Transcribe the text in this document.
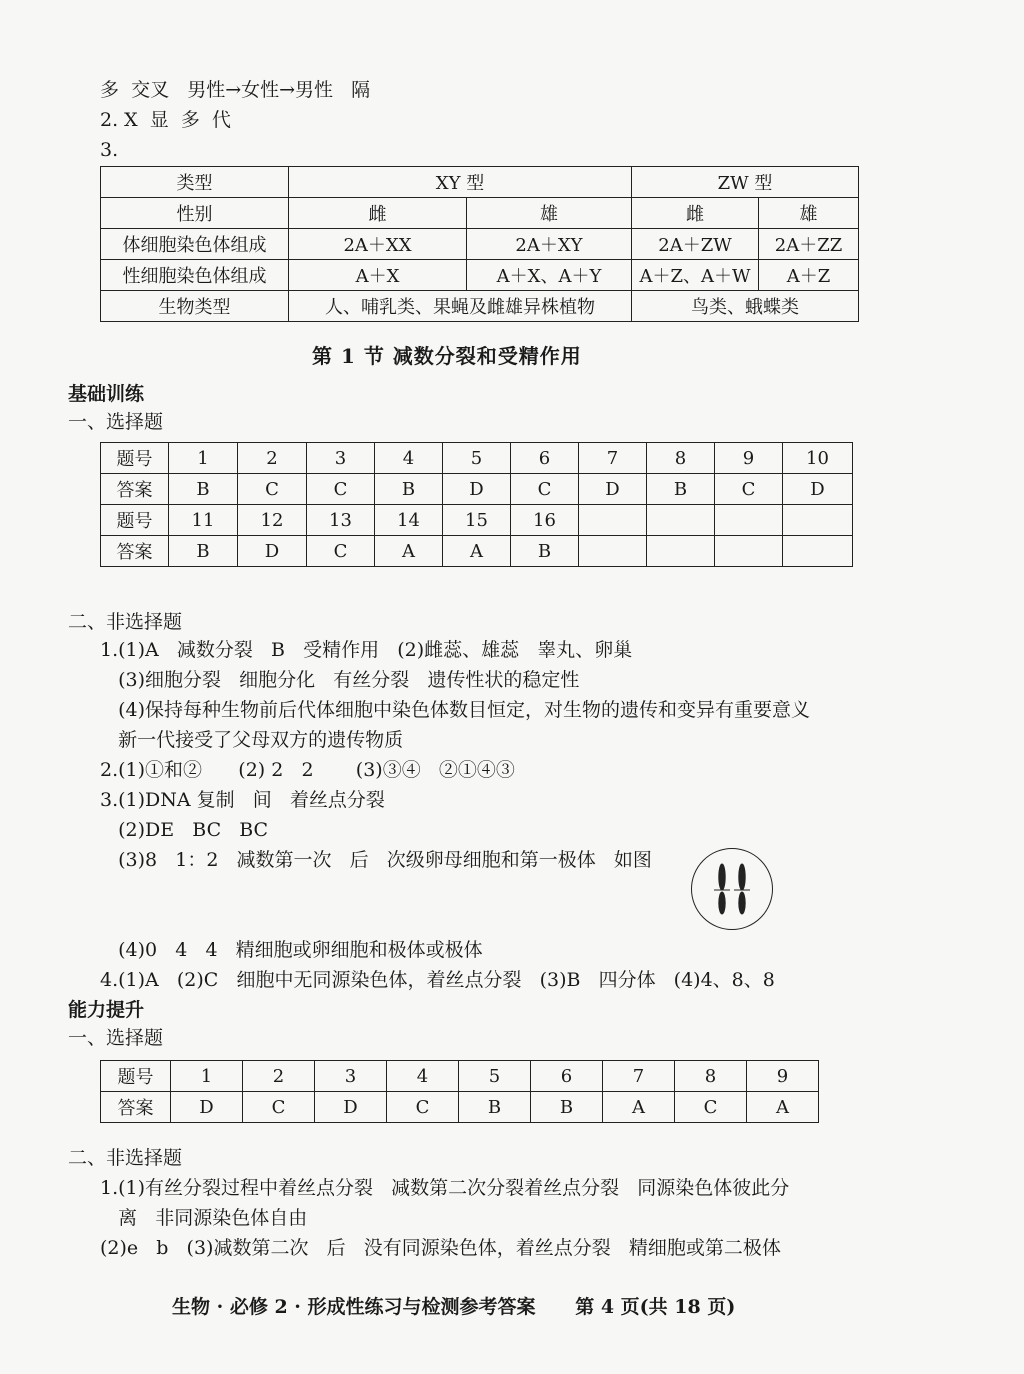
多  交叉   男性→女性→男性   隔
2. X  显  多  代
3.
类型	XY 型		ZW 型	
性别	雌	雄	雌	雄
体细胞染色体组成	2A＋XX	2A＋XY	2A＋ZW	2A＋ZZ
性细胞染色体组成	A＋X	A＋X、A＋Y	A＋Z、A＋W	A＋Z
生物类型	人、哺乳类、果蝇及雌雄异株植物		鸟类、蛾蝶类	
第 1 节 减数分裂和受精作用
基础训练
一、选择题
题号	1	2	3	4	5	6	7	8	9	10
答案	B	C	C	B	D	C	D	B	C	D
题号	11	12	13	14	15	16				
答案	B	D	C	A	A	B				
二、非选择题
1.(1)A   减数分裂   B   受精作用   (2)雌蕊、雄蕊   睾丸、卵巢
(3)细胞分裂   细胞分化   有丝分裂   遗传性状的稳定性
(4)保持每种生物前后代体细胞中染色体数目恒定，对生物的遗传和变异有重要意义
新一代接受了父母双方的遗传物质
2.(1)①和②      (2) 2   2       (3)③④   ②①④③
3.(1)DNA 复制   间   着丝点分裂
(2)DE   BC   BC
(3)8   1：2   减数第一次   后   次级卵母细胞和第一极体   如图
(4)0   4   4   精细胞或卵细胞和极体或极体
4.(1)A   (2)C   细胞中无同源染色体，着丝点分裂   (3)B   四分体   (4)4、8、8
能力提升
一、选择题
题号	1	2	3	4	5	6	7	8	9
答案	D	C	D	C	B	B	A	C	A
二、非选择题
1.(1)有丝分裂过程中着丝点分裂   减数第二次分裂着丝点分裂   同源染色体彼此分
离   非同源染色体自由
(2)e   b   (3)减数第二次   后   没有同源染色体，着丝点分裂   精细胞或第二极体
生物 · 必修 2 · 形成性练习与检测参考答案      第 4 页(共 18 页)
